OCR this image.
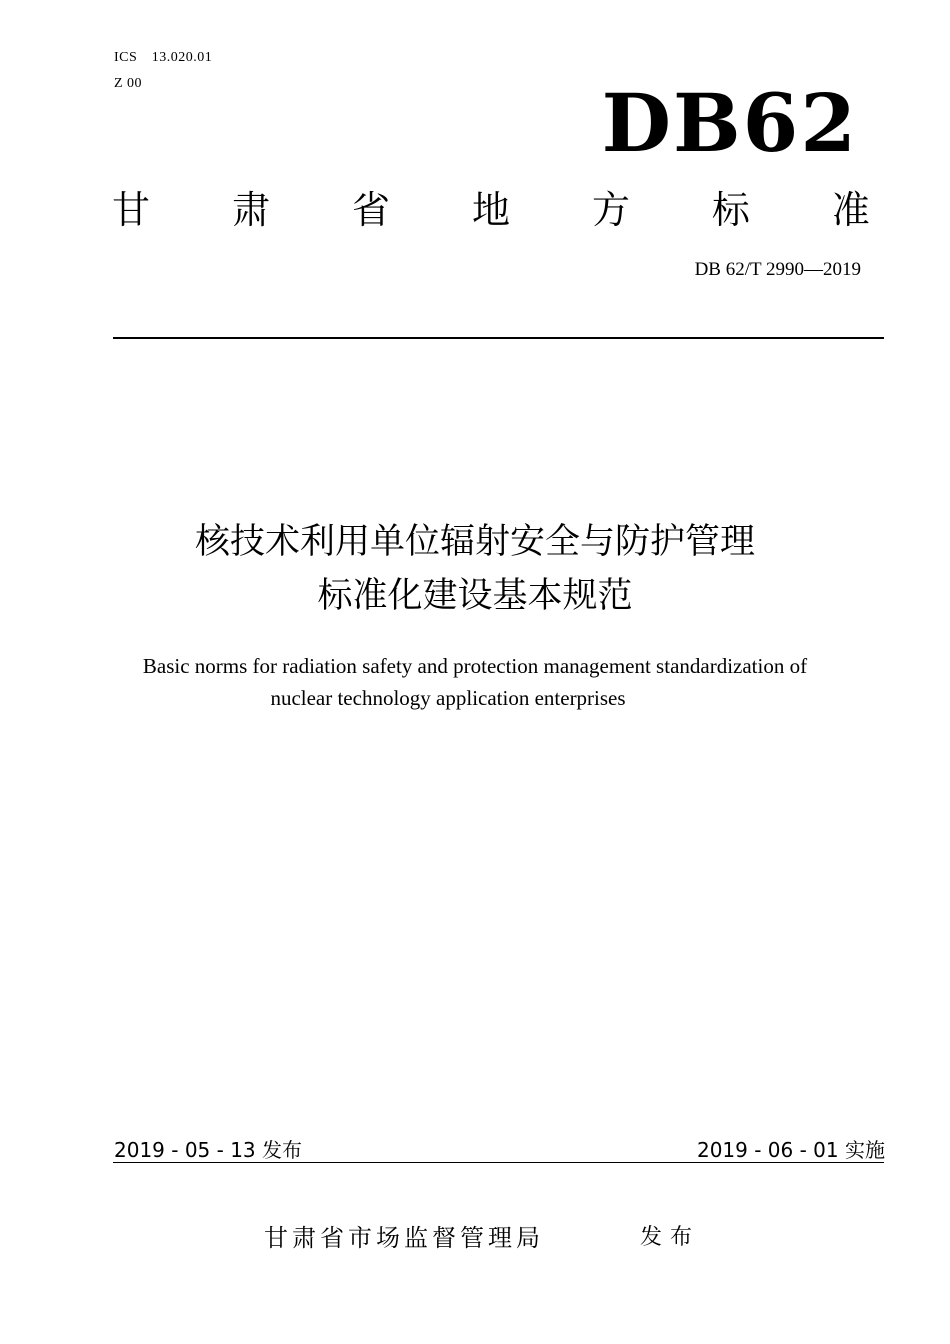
ICS　13.020.01
Z 00	DB62
甘 肃 省 地 方 标 准
DB 62/T 2990—2019
核技术利用单位辐射安全与防护管理
标准化建设基本规范
Basic norms for radiation safety and protection management standardization of
nuclear technology application enterprises
2019 - 05 - 13 发布	2019 - 06 - 01 实施
甘肃省市场监督管理局	发布
